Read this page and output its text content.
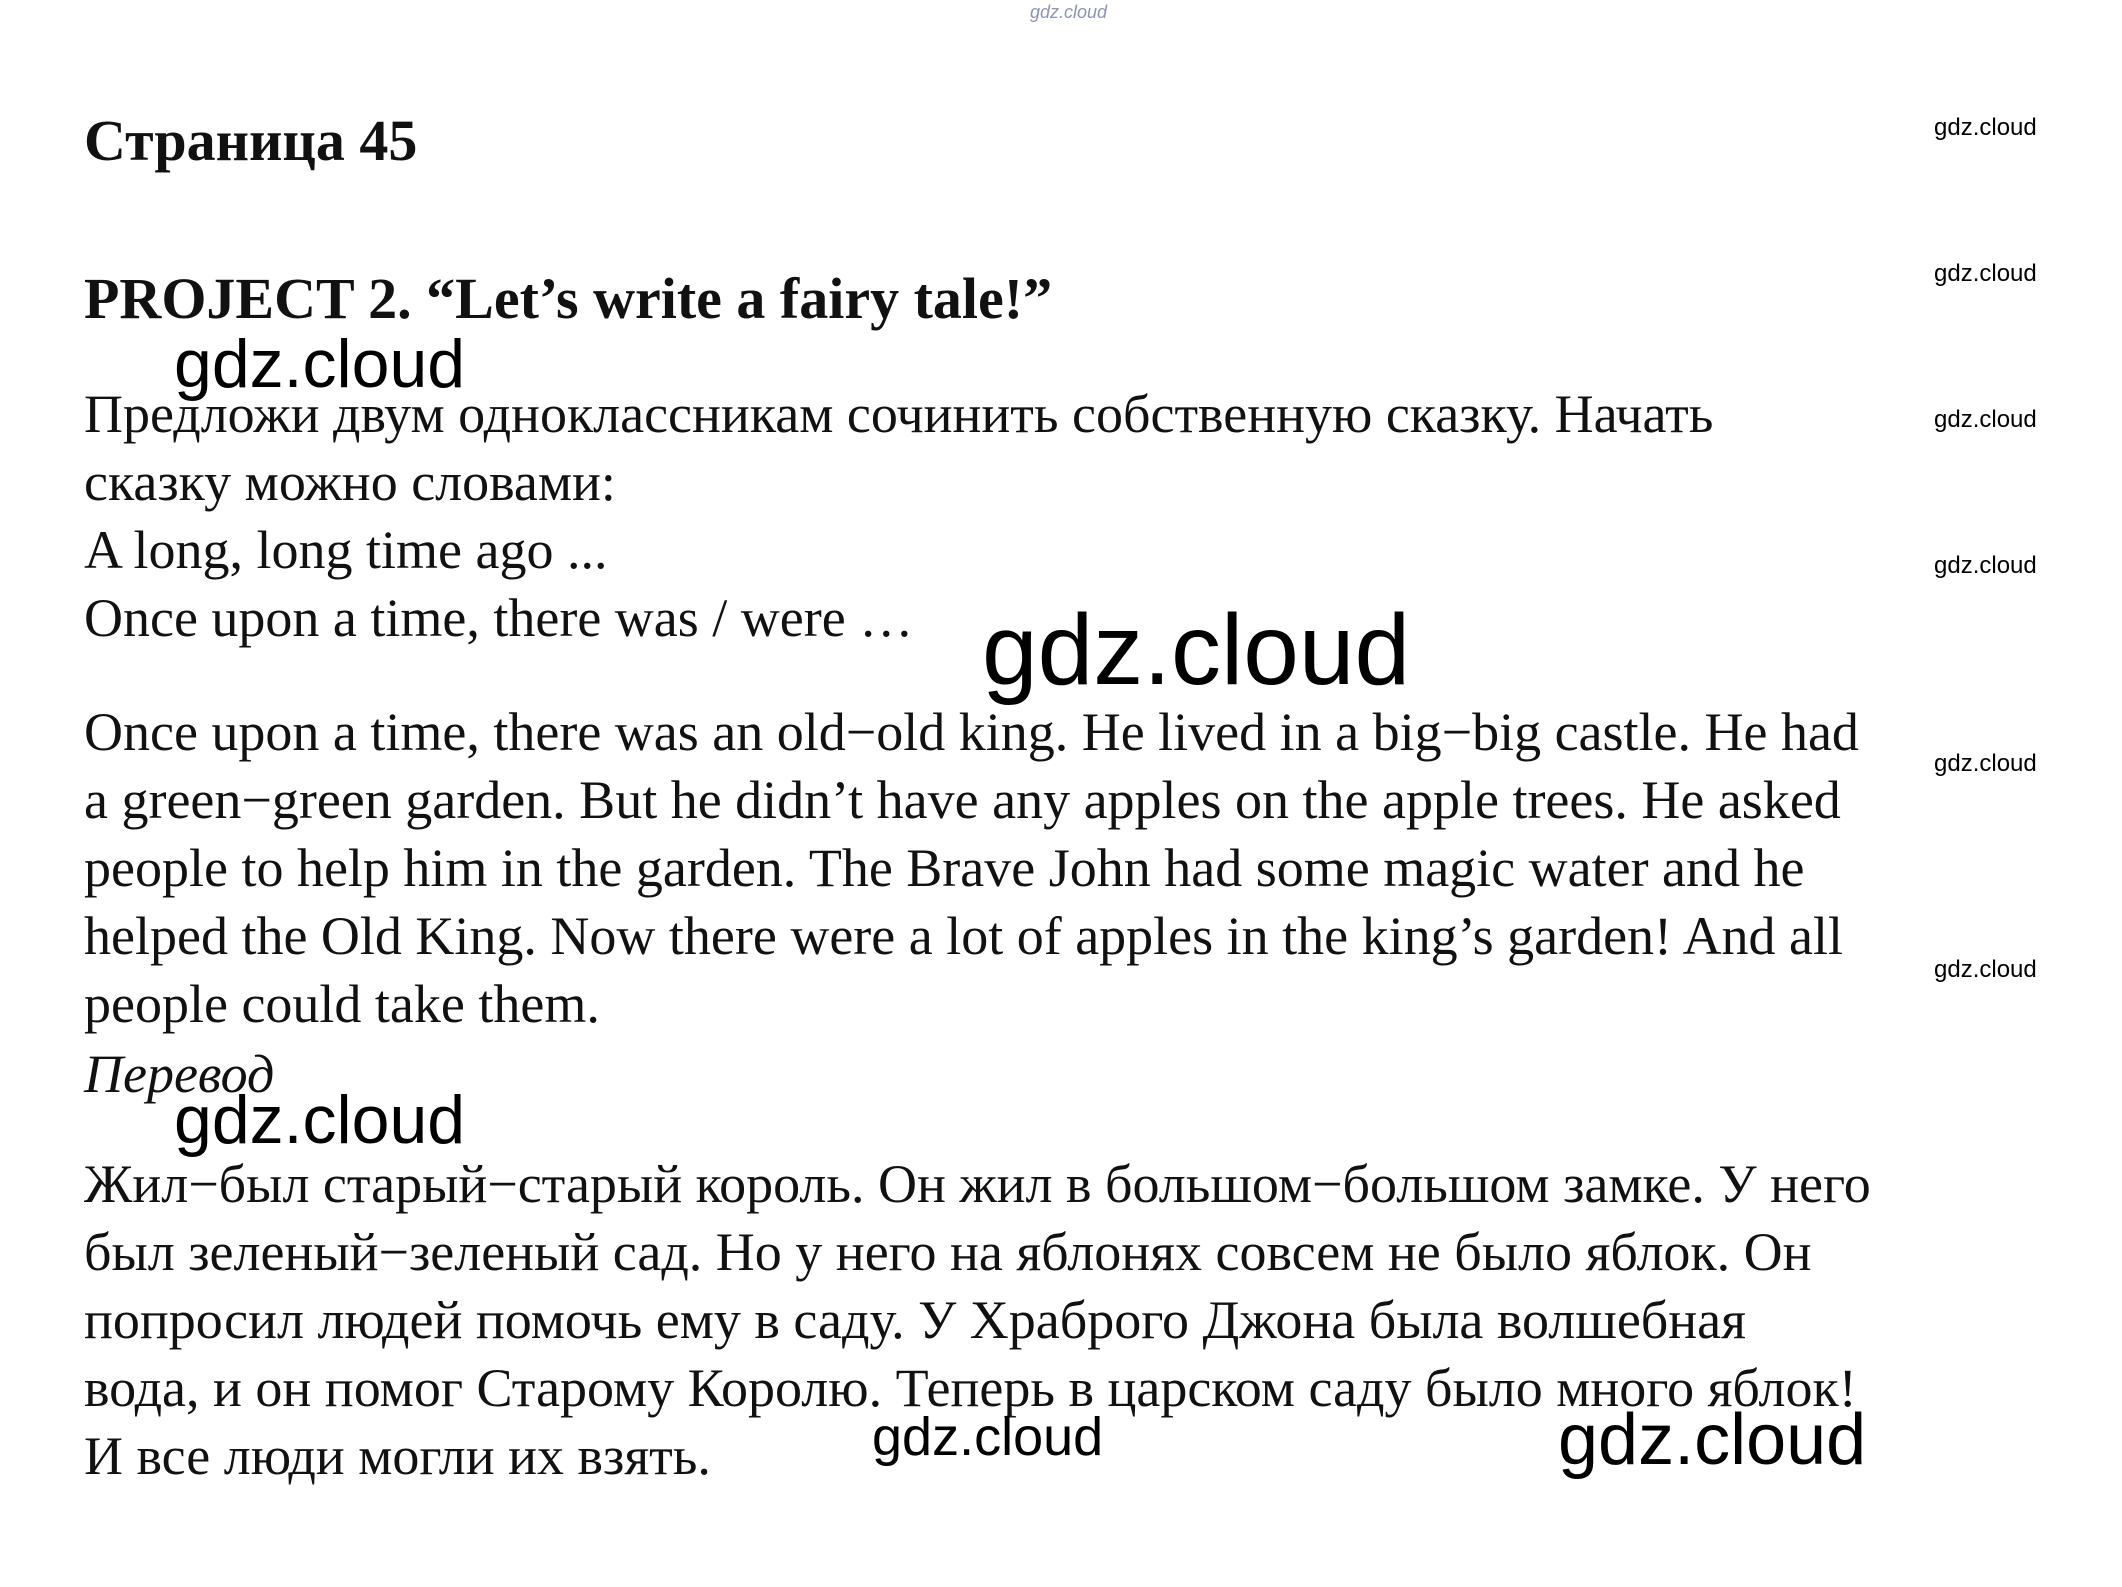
gdz.cloud
Страница 45
PROJECT 2. “Let’s write a fairy tale!”
Предложи двум одноклассникам сочинить собственную сказку. Начать
сказку можно словами:
A long, long time ago ...
Once upon a time, there was / were …
Once upon a time, there was an old−old king. He lived in a big−big castle. He had
a green−green garden. But he didn’t have any apples on the apple trees. He asked
people to help him in the garden. The Brave John had some magic water and he
helped the Old King. Now there were a lot of apples in the king’s garden! And all
people could take them.
Перевод
Жил−был старый−старый король. Он жил в большом−большом замке. У него
был зеленый−зеленый сад. Но у него на яблонях совсем не было яблок. Он
попросил людей помочь ему в саду. У Храброго Джона была волшебная
вода, и он помог Старому Королю. Теперь в царском саду было много яблок!
И все люди могли их взять.
gdz.cloud
gdz.cloud
gdz.cloud
gdz.cloud
gdz.cloud
gdz.cloud
gdz.cloud
gdz.cloud
gdz.cloud
gdz.cloud	gdz.cloud
